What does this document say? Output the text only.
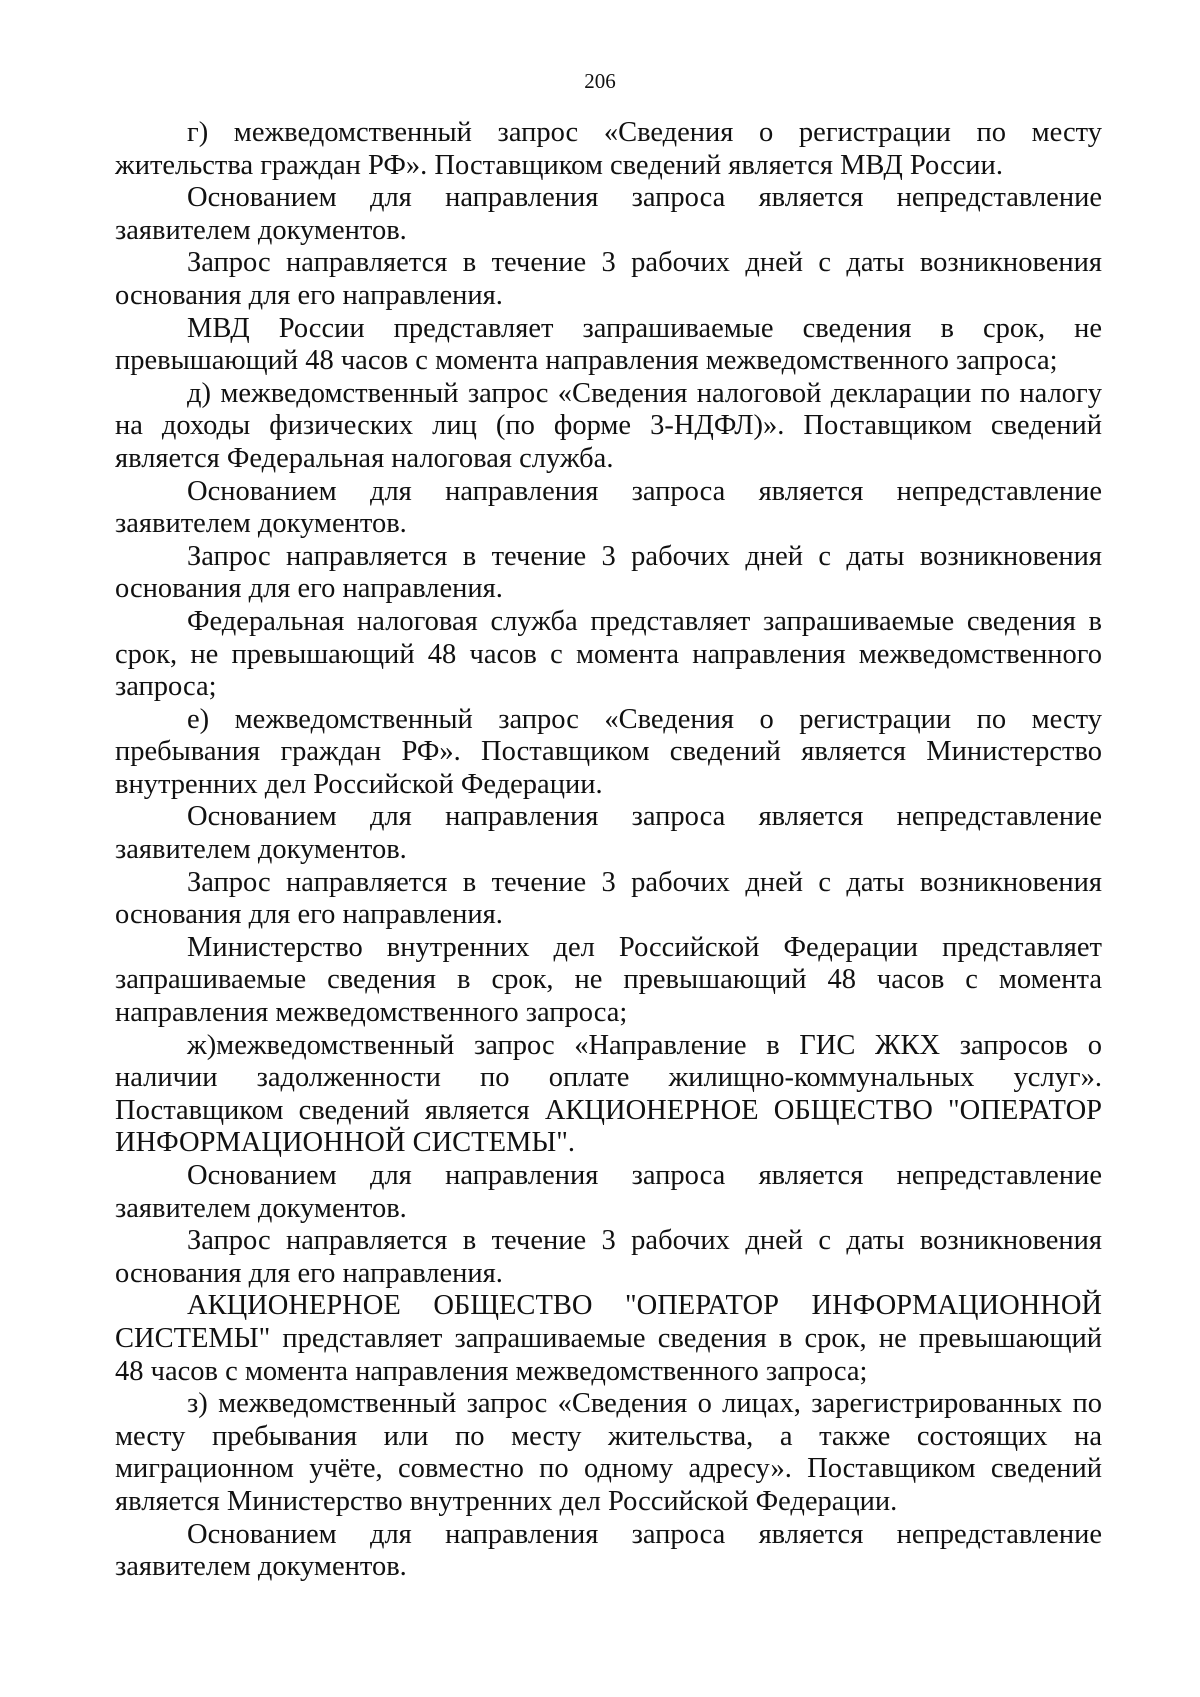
206

г) межведомственный запрос «Сведения о регистрации по месту жительства граждан РФ». Поставщиком сведений является МВД России.

Основанием для направления запроса является непредставление заявителем документов.

Запрос направляется в течение 3 рабочих дней с даты возникновения основания для его направления.

МВД России представляет запрашиваемые сведения в срок, не превышающий 48 часов с момента направления межведомственного запроса;

д) межведомственный запрос «Сведения налоговой декларации по налогу на доходы физических лиц (по форме 3-НДФЛ)». Поставщиком сведений является Федеральная налоговая служба.

Основанием для направления запроса является непредставление заявителем документов.

Запрос направляется в течение 3 рабочих дней с даты возникновения основания для его направления.

Федеральная налоговая служба представляет запрашиваемые сведения в срок, не превышающий 48 часов с момента направления межведомственного запроса;

е) межведомственный запрос «Сведения о регистрации по месту пребывания граждан РФ». Поставщиком сведений является Министерство внутренних дел Российской Федерации.

Основанием для направления запроса является непредставление заявителем документов.

Запрос направляется в течение 3 рабочих дней с даты возникновения основания для его направления.

Министерство внутренних дел Российской Федерации представляет запрашиваемые сведения в срок, не превышающий 48 часов с момента направления межведомственного запроса;

ж)межведомственный запрос «Направление в ГИС ЖКХ запросов о наличии задолженности по оплате жилищно-коммунальных услуг». Поставщиком сведений является АКЦИОНЕРНОЕ ОБЩЕСТВО "ОПЕРАТОР ИНФОРМАЦИОННОЙ СИСТЕМЫ".

Основанием для направления запроса является непредставление заявителем документов.

Запрос направляется в течение 3 рабочих дней с даты возникновения основания для его направления.

АКЦИОНЕРНОЕ ОБЩЕСТВО "ОПЕРАТОР ИНФОРМАЦИОННОЙ СИСТЕМЫ" представляет запрашиваемые сведения в срок, не превышающий 48 часов с момента направления межведомственного запроса;

з) межведомственный запрос «Сведения о лицах, зарегистрированных по месту пребывания или по месту жительства, а также состоящих на миграционном учёте, совместно по одному адресу». Поставщиком сведений является Министерство внутренних дел Российской Федерации.

Основанием для направления запроса является непредставление заявителем документов.
